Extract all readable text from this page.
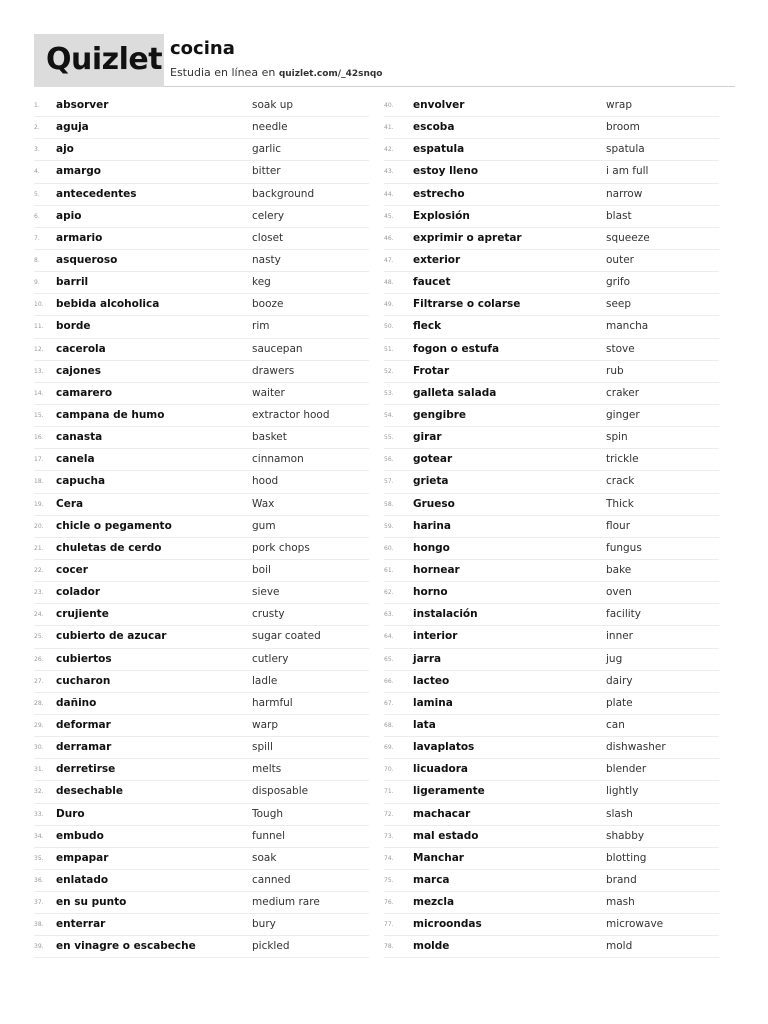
Quizlet cocina
Estudia en línea en quizlet.com/_42snqo
1. absorver	soak up
2. aguja	needle
3. ajo	garlic
4. amargo	bitter
5. antecedentes	background
6. apio	celery
7. armario	closet
8. asqueroso	nasty
9. barril	keg
10. bebida alcoholica	booze
11. borde	rim
12. cacerola	saucepan
13. cajones	drawers
14. camarero	waiter
15. campana de humo	extractor hood
16. canasta	basket
17. canela	cinnamon
18. capucha	hood
19. Cera	Wax
20. chicle o pegamento	gum
21. chuletas de cerdo	pork chops
22. cocer	boil
23. colador	sieve
24. crujiente	crusty
25. cubierto de azucar	sugar coated
26. cubiertos	cutlery
27. cucharon	ladle
28. dañino	harmful
29. deformar	warp
30. derramar	spill
31. derretirse	melts
32. desechable	disposable
33. Duro	Tough
34. embudo	funnel
35. empapar	soak
36. enlatado	canned
37. en su punto	medium rare
38. enterrar	bury
39. en vinagre o escabeche	pickled
40. envolver	wrap
41. escoba	broom
42. espatula	spatula
43. estoy lleno	i am full
44. estrecho	narrow
45. Explosión	blast
46. exprimir o apretar	squeeze
47. exterior	outer
48. faucet	grifo
49. Filtrarse o colarse	seep
50. fleck	mancha
51. fogon o estufa	stove
52. Frotar	rub
53. galleta salada	craker
54. gengibre	ginger
55. girar	spin
56. gotear	trickle
57. grieta	crack
58. Grueso	Thick
59. harina	flour
60. hongo	fungus
61. hornear	bake
62. horno	oven
63. instalación	facility
64. interior	inner
65. jarra	jug
66. lacteo	dairy
67. lamina	plate
68. lata	can
69. lavaplatos	dishwasher
70. licuadora	blender
71. ligeramente	lightly
72. machacar	slash
73. mal estado	shabby
74. Manchar	blotting
75. marca	brand
76. mezcla	mash
77. microondas	microwave
78. molde	mold
